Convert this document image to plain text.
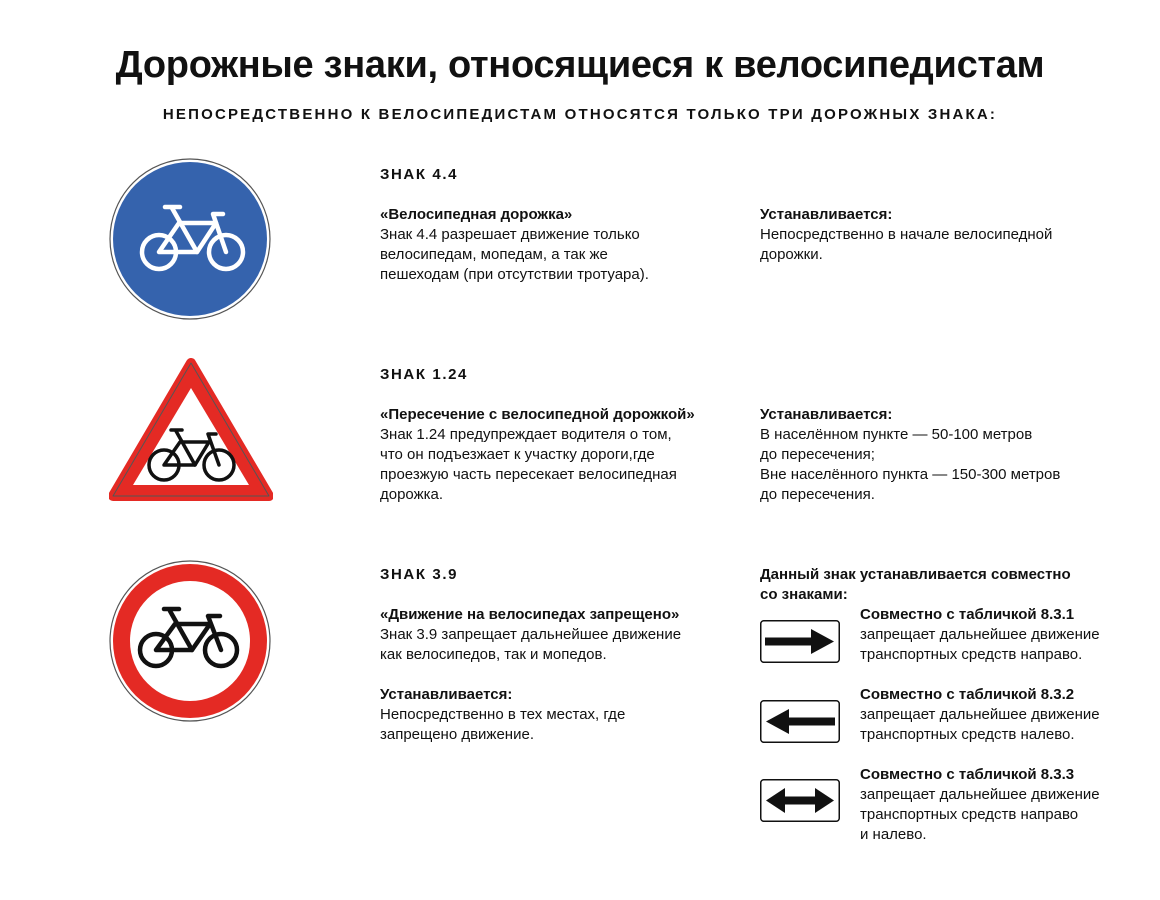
Дорожные знаки, относящиеся к велосипедистам
НЕПОСРЕДСТВЕННО К ВЕЛОСИПЕДИСТАМ ОТНОСЯТСЯ ТОЛЬКО ТРИ ДОРОЖНЫХ ЗНАКА:
ЗНАК 4.4
«Велосипедная дорожка»
Знак 4.4 разрешает движение только
велосипедам, мопедам, а так же
пешеходам (при отсутствии тротуара).
Устанавливается:
Непосредственно в начале велосипедной
дорожки.
ЗНАК 1.24
«Пересечение с велосипедной дорожкой»
Знак 1.24 предупреждает водителя о том,
что он подъезжает к участку дороги,где
проезжую часть пересекает велосипедная
дорожка.
Устанавливается:
В населённом пункте — 50-100 метров
до пересечения;
Вне населённого пункта — 150-300 метров
до пересечения.
ЗНАК 3.9
«Движение на велосипедах запрещено»
Знак 3.9 запрещает дальнейшее движение
как велосипедов, так и мопедов.
Устанавливается:
Непосредственно в тех местах, где
запрещено движение.
Данный знак устанавливается совместно
со знаками:
Совместно с табличкой 8.3.1
запрещает дальнейшее движение
транспортных средств направо.
Совместно с табличкой 8.3.2
запрещает дальнейшее движение
транспортных средств налево.
Совместно с табличкой 8.3.3
запрещает дальнейшее движение
транспортных средств направо
и налево.
